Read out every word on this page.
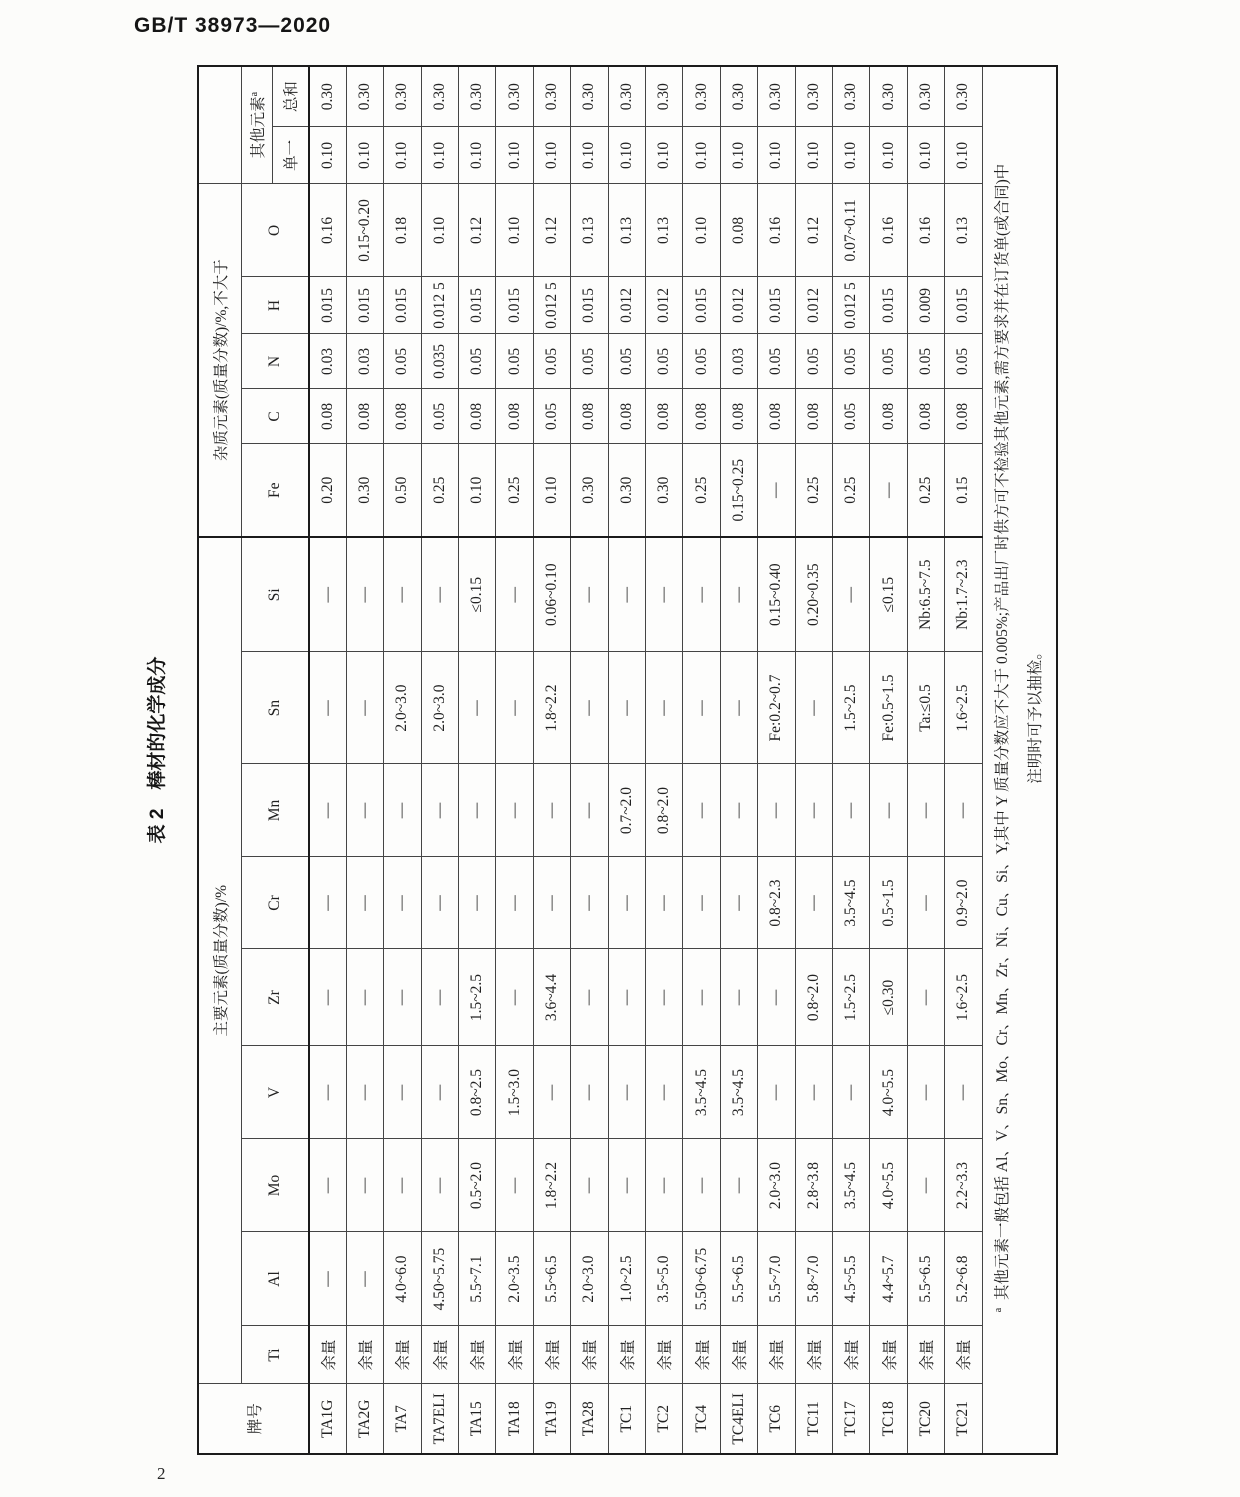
GB/T 38973—2020
表 2　棒材的化学成分
牌号	主要元素(质量分数)/%									杂质元素(质量分数)/%,不大于						
	Ti	Al	Mo	V	Zr	Cr	Mn	Sn	Si	Fe	C	N	H	O	其他元素$^a$
															单一	总和
TA1G	余量	—	—	—	—	—	—	—	—	0.20	0.08	0.03	0.015	0.16	0.10	0.30
TA2G	余量	—	—	—	—	—	—	—	—	0.30	0.08	0.03	0.015	0.15~0.20	0.10	0.30
TA7	余量	4.0~6.0	—	—	—	—	—	2.0~3.0	—	0.50	0.08	0.05	0.015	0.18	0.10	0.30
TA7ELI	余量	4.50~5.75	—	—	—	—	—	2.0~3.0	—	0.25	0.05	0.035	0.012 5	0.10	0.10	0.30
TA15	余量	5.5~7.1	0.5~2.0	0.8~2.5	1.5~2.5	—	—	—	≤0.15	0.10	0.08	0.05	0.015	0.12	0.10	0.30
TA18	余量	2.0~3.5	—	1.5~3.0	—	—	—	—	—	0.25	0.08	0.05	0.015	0.10	0.10	0.30
TA19	余量	5.5~6.5	1.8~2.2	—	3.6~4.4	—	—	1.8~2.2	0.06~0.10	0.10	0.05	0.05	0.012 5	0.12	0.10	0.30
TA28	余量	2.0~3.0	—	—	—	—	—	—	—	0.30	0.08	0.05	0.015	0.13	0.10	0.30
TC1	余量	1.0~2.5	—	—	—	—	0.7~2.0	—	—	0.30	0.08	0.05	0.012	0.13	0.10	0.30
TC2	余量	3.5~5.0	—	—	—	—	0.8~2.0	—	—	0.30	0.08	0.05	0.012	0.13	0.10	0.30
TC4	余量	5.50~6.75	—	3.5~4.5	—	—	—	—	—	0.25	0.08	0.05	0.015	0.10	0.10	0.30
TC4ELI	余量	5.5~6.5	—	3.5~4.5	—	—	—	—	—	0.15~0.25	0.08	0.03	0.012	0.08	0.10	0.30
TC6	余量	5.5~7.0	2.0~3.0	—	—	0.8~2.3	—	Fe:0.2~0.7	0.15~0.40	—	0.08	0.05	0.015	0.16	0.10	0.30
TC11	余量	5.8~7.0	2.8~3.8	—	0.8~2.0	—	—	—	0.20~0.35	0.25	0.08	0.05	0.012	0.12	0.10	0.30
TC17	余量	4.5~5.5	3.5~4.5	—	1.5~2.5	3.5~4.5	—	1.5~2.5	—	0.25	0.05	0.05	0.012 5	0.07~0.11	0.10	0.30
TC18	余量	4.4~5.7	4.0~5.5	4.0~5.5	≤0.30	0.5~1.5	—	Fe:0.5~1.5	≤0.15	—	0.08	0.05	0.015	0.16	0.10	0.30
TC20	余量	5.5~6.5	—	—	—	—	—	Ta:≤0.5	Nb:6.5~7.5	0.25	0.08	0.05	0.009	0.16	0.10	0.30
TC21	余量	5.2~6.8	2.2~3.3	—	1.6~2.5	0.9~2.0	—	1.6~2.5	Nb:1.7~2.3	0.15	0.08	0.05	0.015	0.13	0.10	0.30

$^a$  其他元素一般包括 Al、V、Sn、Mo、Cr、Mn、Zr、Ni、Cu、Si、Y,其中 Y 质量分数应不大于 0.005%;产品出厂时供方可不检验其他元素,需方要求并在订货单(或合同)中 注明时可予以抽检。																
2
